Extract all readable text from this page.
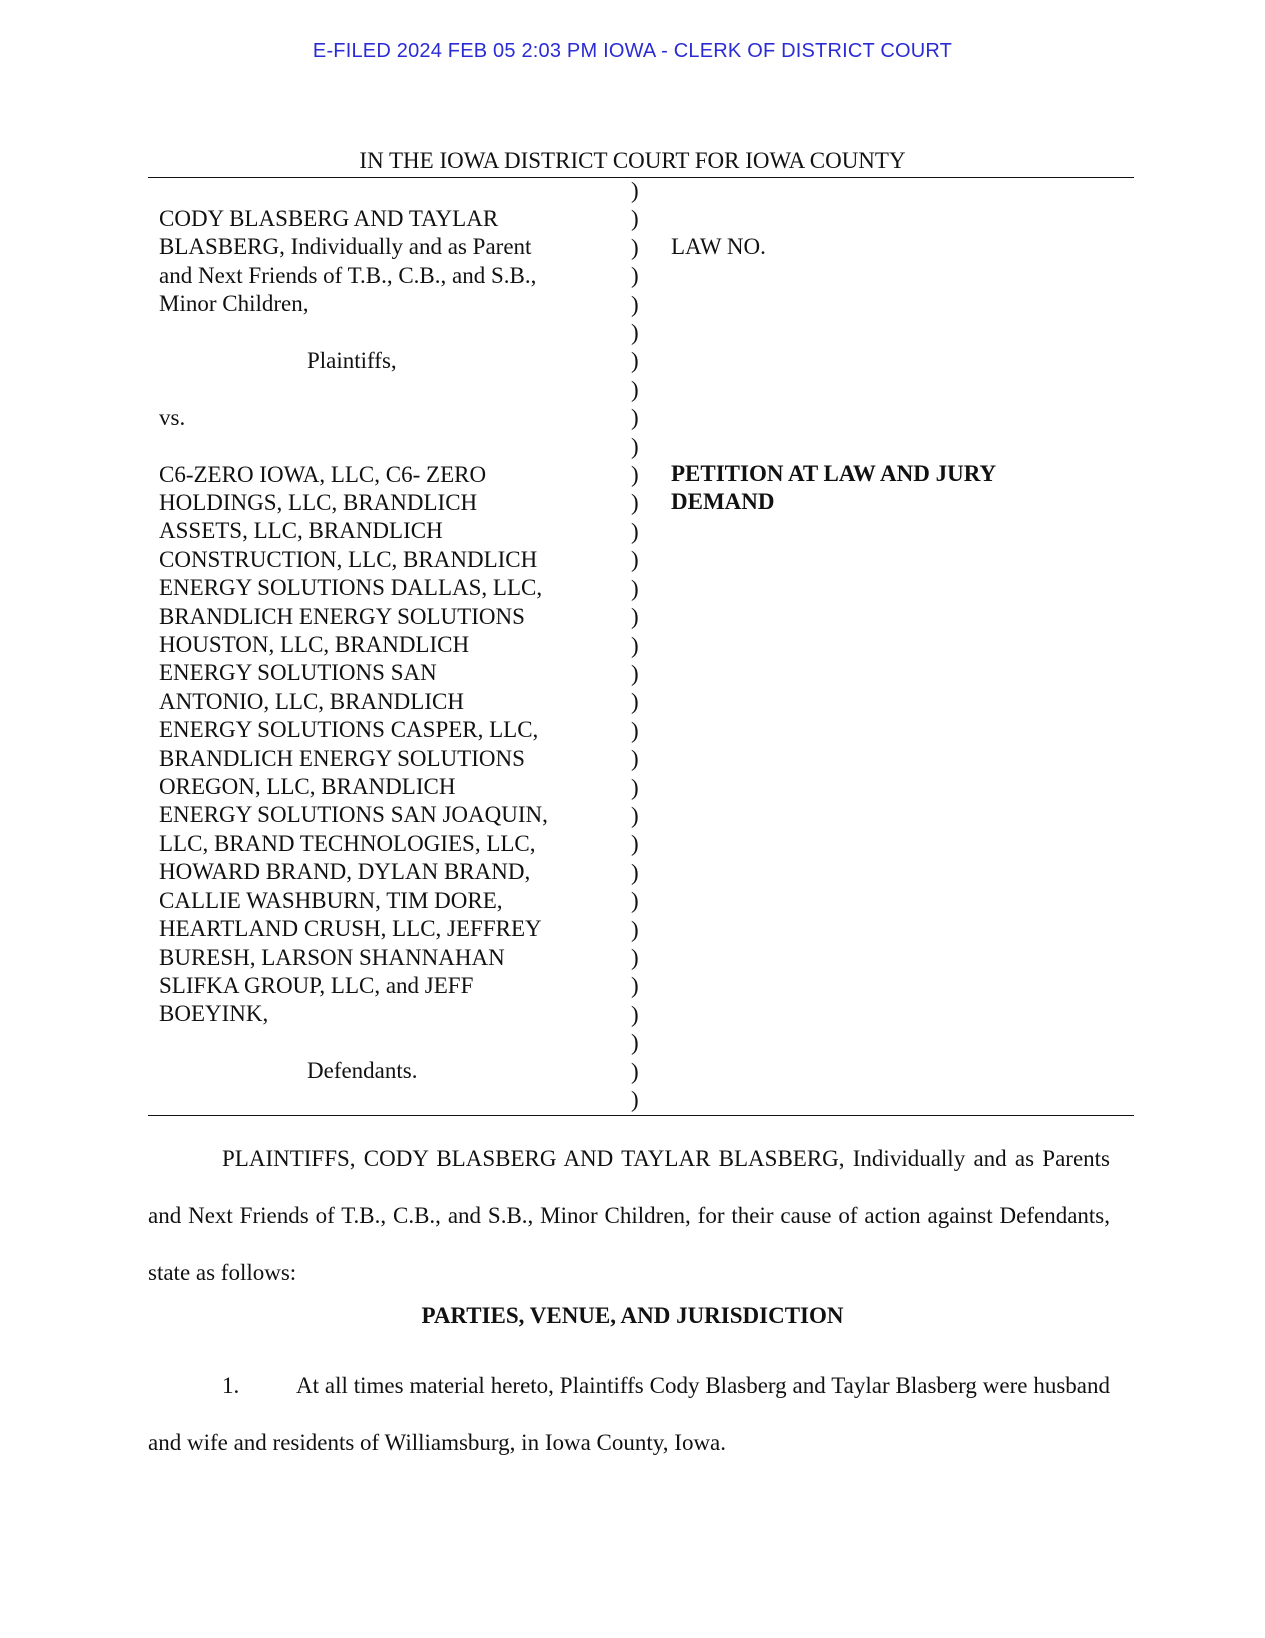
E-FILED 2024 FEB 05 2:03 PM IOWA - CLERK OF DISTRICT COURT
IN THE IOWA DISTRICT COURT FOR IOWA COUNTY
CODY BLASBERG AND TAYLAR
BLASBERG, Individually and as Parent
and Next Friends of T.B., C.B., and S.B.,
Minor Children,
Plaintiffs,
vs.
C6-ZERO IOWA, LLC, C6- ZERO
HOLDINGS, LLC, BRANDLICH
ASSETS, LLC, BRANDLICH
CONSTRUCTION, LLC, BRANDLICH
ENERGY SOLUTIONS DALLAS, LLC,
BRANDLICH ENERGY SOLUTIONS
HOUSTON, LLC, BRANDLICH
ENERGY SOLUTIONS SAN
ANTONIO, LLC, BRANDLICH
ENERGY SOLUTIONS CASPER, LLC,
BRANDLICH ENERGY SOLUTIONS
OREGON, LLC, BRANDLICH
ENERGY SOLUTIONS SAN JOAQUIN,
LLC, BRAND TECHNOLOGIES, LLC,
HOWARD BRAND, DYLAN BRAND,
CALLIE WASHBURN, TIM DORE,
HEARTLAND CRUSH, LLC, JEFFREY
BURESH, LARSON SHANNAHAN
SLIFKA GROUP, LLC, and JEFF
BOEYINK,
Defendants.
)
)
)
)
)
)
)
)
)
)
)
)
)
)
)
)
)
)
)
)
)
)
)
)
)
)
)
)
)
)
)
)
)
LAW NO.
PETITION AT LAW AND JURY
DEMAND
PLAINTIFFS, CODY BLASBERG AND TAYLAR BLASBERG, Individually and as Parents and Next Friends of T.B., C.B., and S.B., Minor Children, for their cause of action against Defendants, state as follows:
PARTIES, VENUE, AND JURISDICTION
1. At all times material hereto, Plaintiffs Cody Blasberg and Taylar Blasberg were husband and wife and residents of Williamsburg, in Iowa County, Iowa.
